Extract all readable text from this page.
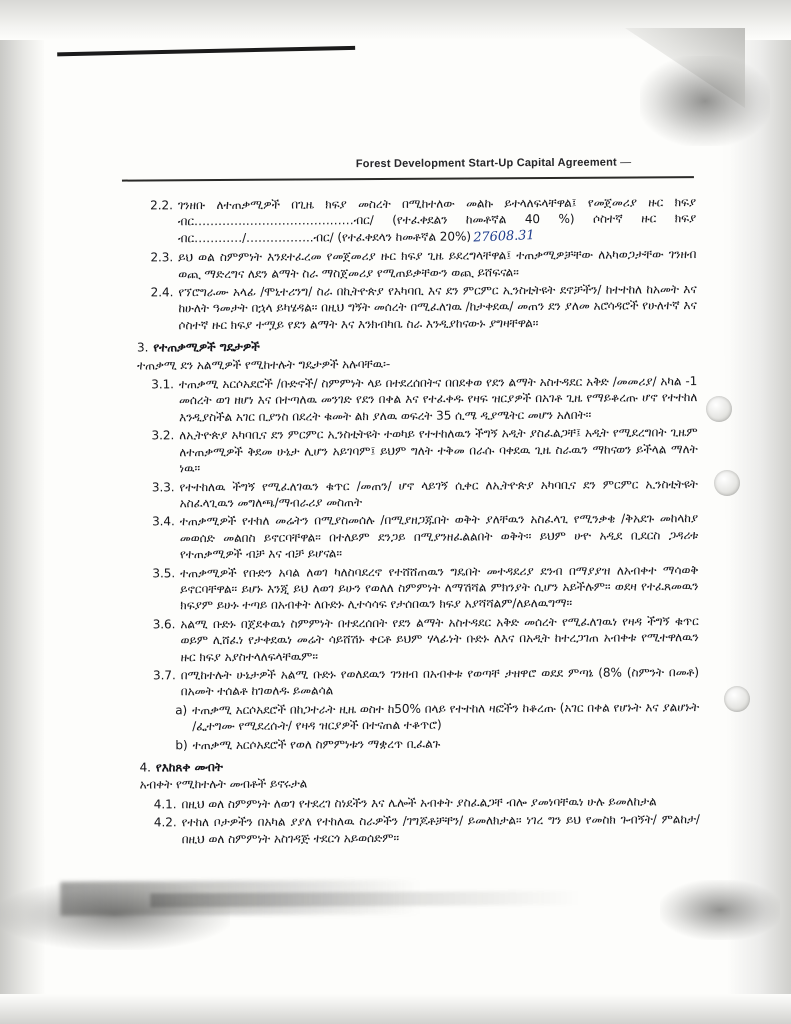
Forest Development Start-Up Capital Agreement —
2.2. ገንዘቡ ለተጠቃሚዎች በጊዜ ክፍያ መስረት በሚከተለው መልኩ ይተላለፍላቸዋል፤ የመጀመሪያ ዙር ክፍያ ብር………….………………………ብር/ (የተፈቀደልን ከመቶኛል 40 %) ሶስተኛ ዙር ክፍያ ብር…………/……………..ብር/ (የተፈቀደላን ከመቶኛል 20%) 27608.31
2.3. ይህ ወል ስምምነት እንደተፈረመ የመጀመሪያ ዙር ክፍያ ጊዜ ይደረግላቸዋል፤ ተጠቃሚዎቻቸው ለአካወጋታቸው ገንዘብ ወጪ ማድረግና ለደን ልማት ስራ ማስጀመሪያ የሚጠይቃቸውን ወጪ ይሸፍናል።
2.4. የኘሮግራሙ አላፊ /ሞኒተሪንግ/ ስራ በኪትዮጵያ የአካባቢ እና ደን ምርምር ኢንስቲትዩት ደኖቻችን/ ከተተከለ ከአመት እና ከሁለት ዓመታት በኋላ ይካሄዳል። በዚህ ግኝት መሰረት በሚፈለገዉ /ከታቀደዉ/ መጠን ደን ያለመ አሮሳዳሮች የሁለተኛ እና ሶስተኛ ዙር ክፍያ ተሟይ የደን ልማት እና እንክብካቤ ስራ እንዲያከናውኑ ያግዛቸዋል።
3. የተጠቃሚዎች ግዴታዎች
ተጠቃሚ ደን አልሚዎች የሚከተሉት ግዴታዎች አሉባቸዉ፡-
3.1. ተጠቃሚ አርሶአደሮች /ቡድኖች/ ስምምነት ላይ በተደረሰበትና በበደቀወ የደን ልማት አስተዳደር አቅድ /መመሪያ/ አካል -1 መሰረት ወገ ዘሆነ እና በተጣለዉ መንገድ የደን በቀል እና የተፈቀዱ የዛፍ ዝርያዎች በአገቶ ጊዜ የማይቆረጡ ሆኖ የተተከለ እንዲያስችል አገር ቢያንስ በደረት ቁመት ልክ ያለዉ ወፍረት 35 ሲሜ ዲያሜትር መሆን አለበት።
3.2. ለኢትዮጵያ አካባቢና ደን ምርምር ኢንስቲትዩት ተወካይ የተተከለዉን ችግኝ አዲት ያስፈልጋቸ፤ አዲት የሚደረግበት ጊዜም ለተጠቃሚዎች ቅደመ ሁኔታ ሊሆን አይገባም፤ ይህም ግለት ተቅመ በራሱ ባቀደዉ ጊዜ ስራዉን ማከናወን ይችላል ማለት ነዉ።
3.3. የተተከለዉ ችግኝ የሚፈለገዉን ቁጥር /መጠን/ ሆኖ ላይገኝ ሲቀር ለኢትዮጵያ አካባቢና ደን ምርምር ኢንስቲትዩት አስፈላጊዉን መግለጫ/ማብራሪያ መስጠት
3.4. ተጠቃሚዎች የተከለ መሬትን በሚያስመሰሉ /በሚያዘጋጁበት ወቅት ያለቸዉን አስፈላጊ የሚንቃቄ /ቅአደጉ መከላከያ መወሰድ መልበስ ይኖርባቸዋል። በተለይም ደንጋይ በሚያንዘፈልልበት ወቅት። ይህም ሀዯ አዲደ ቢደርስ ጋዳሪቱ የተጠቃሚዎች ብቻ እና ብቻ ይሆናል።
3.5. ተጠቃሚዎች የቡድን አባል ለወገ ካለስባደረኖ የተሸሸጠዉን ግዴበት መተዳደሪያ ደንብ በማያያዝ ለአብቀተ ማሳወቅ ይኖርባቸዋል። ይሆኑ እንጂ ይህ ለወገ ይሁን የወለለ ስምምነት ለማሽሻል ምክንያት ሲሆን አይችሉም። ወደዛ የተፈጸመዉን ክፍያም ይሁኑ ተጣይ በአብቀት ለቡድኑ ሊተሳሳፍ የታሰበዉን ክፍያ አያሻሻልም/ለይለዉግማ።
3.6. አልሚ ቡድኑ በጀደቀዉነ ስምምነት በተደረሰበት የደን ልማት አስተዳደር አቅድ መሰረት የሚፈለገዉነ የዛዳ ችግኝ ቁጥር ወይም ሊሸፈነ የታቀደዉነ መሬት ሳይሸሽኑ ቀርቶ ይህም ሃላፊነት ቡድኑ ለእና በአዲት ከተረጋገጠ አብቀቱ የሚተዋለዉን ዙር ክፍያ አያስተላለፍላቸዉም።
3.7. በሚከተሉት ሁኔታዎች አልሚ ቡድኑ የወለደዉን ገንዘብ በአብቀቱ የወጣቸ ታዘዋሮ ወደደ ምጣኔ (8% (ስምንት በመቶ) በአመት ተሰልቶ ከገወለዱ ይመልሳል
a) ተጠቃሚ አርሶአደሮች በከጋተራት ዚዜ ወስተ ከ50% በላይ የተተከለ ዛፎችን ከቆረጡ (አገር በቀል የሆኑት እና ያልሆኑት /ፌተግሙ የሚደረሱት/ የዛዳ ዝርያዎች በተናጠል ተቆጥሮ)
b) ተጠቃሚ አርሶአደሮች የወለ ስምምነቱን ማቋረጥ ቢፈልጉ
4. የእከጸቀ መብት
አብቀት የሚከተሉት መብቶች ይኖሩታል
4.1. በዚህ ወለ ስምምነት ለወገ የተደረገ ስነደችን እና ሌሎች አብቀት ያስፈልጋቸ ብሎ ያመነባቸዉነ ሁሉ ይመለከታል
4.2. የተከለ ቦታዎችን በአካል ያያለ የተከለዉ ስራዎችን /ገግጆቶቻቸን/ ይመለክታል። ነገረ ግን ይህ የመስክ ጉብኝት/ ምልከታ/ በዚህ ወለ ስምምነት አስገዳጅ ተደርጎ አይወሰድም።
